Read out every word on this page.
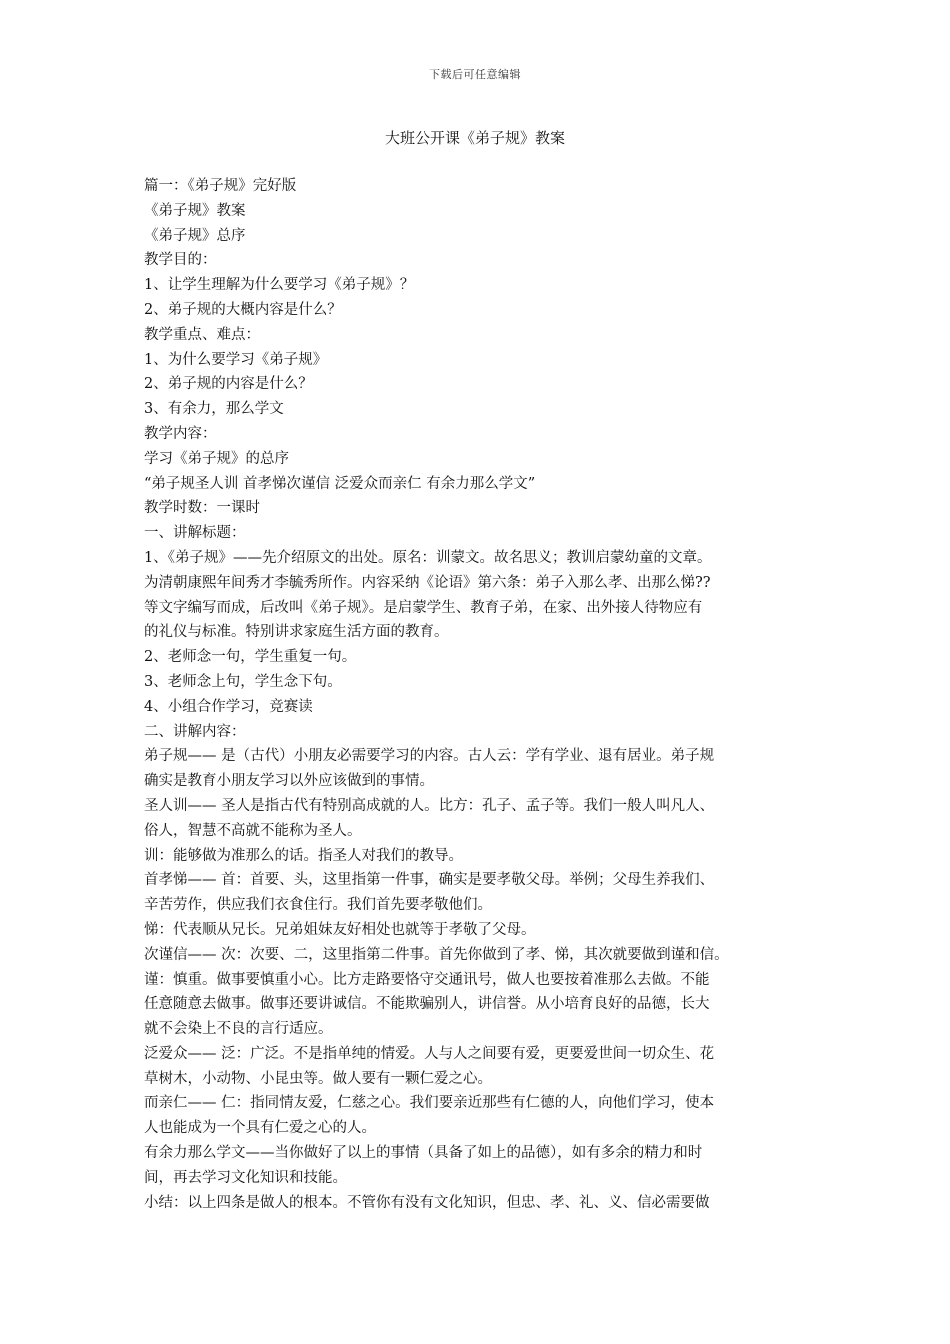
下载后可任意编辑
大班公开课《弟子规》教案
篇一：《弟子规》完好版
《弟子规》教案
《弟子规》总序
教学目的：
1、让学生理解为什么要学习《弟子规》？
2、弟子规的大概内容是什么？
教学重点、难点：
1、为什么要学习《弟子规》
2、弟子规的内容是什么？
3、有余力，那么学文
教学内容：
学习《弟子规》的总序
“弟子规圣人训 首孝悌次谨信 泛爱众而亲仁 有余力那么学文”
教学时数：一课时
一、讲解标题：
1、《弟子规》——先介绍原文的出处。原名：训蒙文。故名思义；教训启蒙幼童的文章。
为清朝康熙年间秀才李毓秀所作。内容采纳《论语》第六条：弟子入那么孝、出那么悌??
等文字编写而成，后改叫《弟子规》。是启蒙学生、教育子弟，在家、出外接人待物应有
的礼仪与标准。特别讲求家庭生活方面的教育。
2、老师念一句，学生重复一句。
3、老师念上句，学生念下句。
4、小组合作学习，竞赛读
二、讲解内容：
弟子规—— 是（古代）小朋友必需要学习的内容。古人云：学有学业、退有居业。弟子规
确实是教育小朋友学习以外应该做到的事情。
圣人训—— 圣人是指古代有特别高成就的人。比方：孔子、孟子等。我们一般人叫凡人、
俗人，智慧不高就不能称为圣人。
训：能够做为准那么的话。指圣人对我们的教导。
首孝悌—— 首：首要、头，这里指第一件事，确实是要孝敬父母。举例；父母生养我们、
辛苦劳作，供应我们衣食住行。我们首先要孝敬他们。
悌：代表顺从兄长。兄弟姐妹友好相处也就等于孝敬了父母。
次谨信—— 次：次要、二，这里指第二件事。首先你做到了孝、悌，其次就要做到谨和信。
谨：慎重。做事要慎重小心。比方走路要恪守交通讯号，做人也要按着准那么去做。不能
任意随意去做事。做事还要讲诚信。不能欺骗别人，讲信誉。从小培育良好的品德，长大
就不会染上不良的言行适应。
泛爱众—— 泛：广泛。不是指单纯的情爱。人与人之间要有爱，更要爱世间一切众生、花
草树木，小动物、小昆虫等。做人要有一颗仁爱之心。
而亲仁—— 仁：指同情友爱，仁慈之心。我们要亲近那些有仁德的人，向他们学习，使本
人也能成为一个具有仁爱之心的人。
有余力那么学文——当你做好了以上的事情（具备了如上的品德），如有多余的精力和时
间，再去学习文化知识和技能。
小结：以上四条是做人的根本。不管你有没有文化知识，但忠、孝、礼、义、信必需要做
